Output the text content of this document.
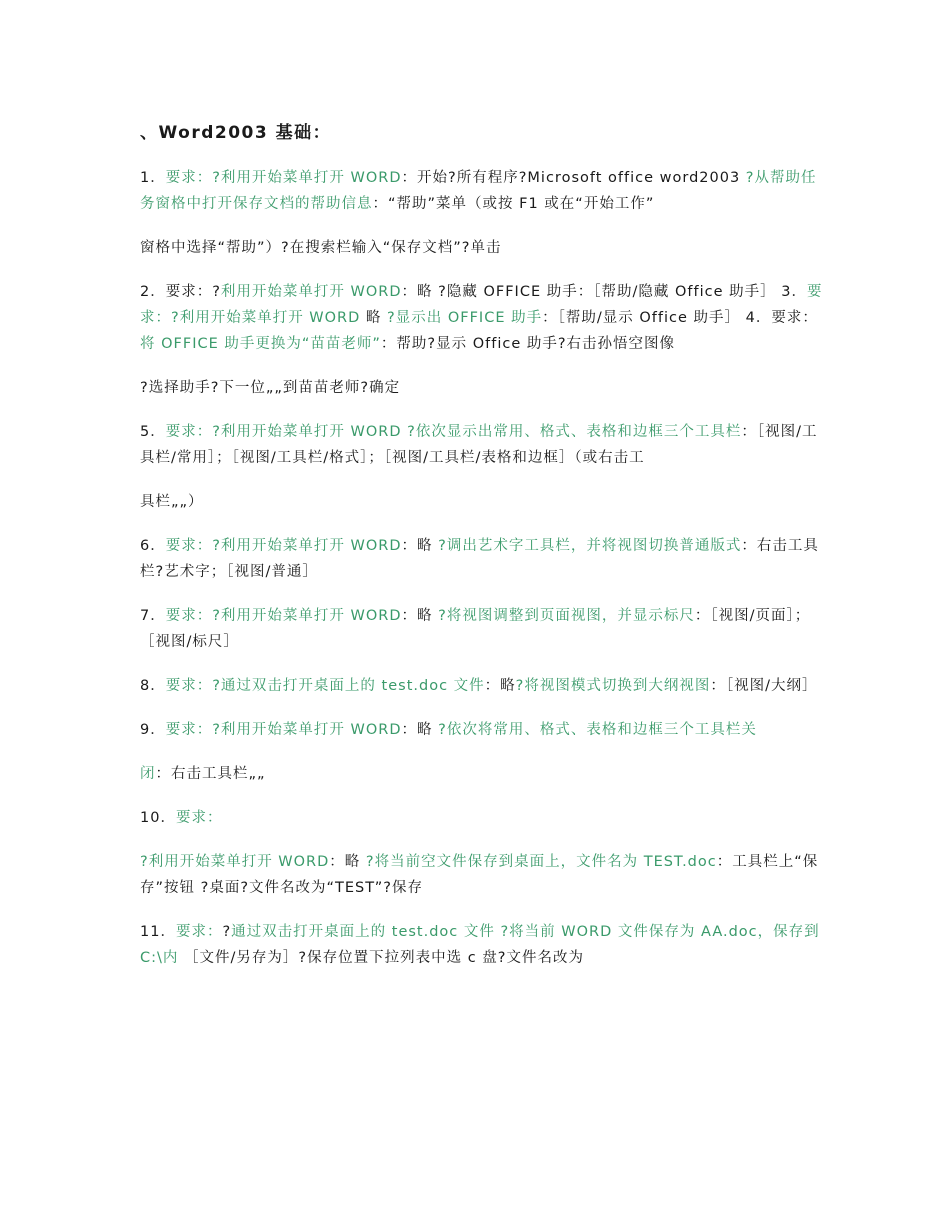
、Word2003 基础：

1．要求：?利用开始菜单打开 WORD：开始?所有程序?Microsoft office word2003 ?从帮助任务窗格中打开保存文档的帮助信息：“帮助”菜单（或按 F1 或在“开始工作”

窗格中选择“帮助”）?在搜索栏输入“保存文档”?单击

2．要求：?利用开始菜单打开 WORD：略 ?隐藏 OFFICE 助手：［帮助/隐藏 Office 助手］ 3．要求：?利用开始菜单打开 WORD 略 ?显示出 OFFICE 助手：［帮助/显示 Office 助手］ 4．要求：将 OFFICE 助手更换为“苗苗老师”：帮助?显示 Office 助手?右击孙悟空图像

?选择助手?下一位„„到苗苗老师?确定

5．要求：?利用开始菜单打开 WORD ?依次显示出常用、格式、表格和边框三个工具栏：［视图/工具栏/常用］；［视图/工具栏/格式］；［视图/工具栏/表格和边框］（或右击工

具栏„„）

6．要求：?利用开始菜单打开 WORD：略 ?调出艺术字工具栏，并将视图切换普通版式：右击工具栏?艺术字；［视图/普通］

7．要求：?利用开始菜单打开 WORD：略 ?将视图调整到页面视图，并显示标尺：［视图/页面］；［视图/标尺］

8．要求：?通过双击打开桌面上的 test.doc 文件：略?将视图模式切换到大纲视图：［视图/大纲］

9．要求：?利用开始菜单打开 WORD：略 ?依次将常用、格式、表格和边框三个工具栏关

闭：右击工具栏„„

10．要求：

?利用开始菜单打开 WORD：略 ?将当前空文件保存到桌面上，文件名为 TEST.doc：工具栏上“保存”按钮 ?桌面?文件名改为“TEST”?保存

11．要求：?通过双击打开桌面上的 test.doc 文件 ?将当前 WORD 文件保存为 AA.doc，保存到 C:\内 ［文件/另存为］?保存位置下拉列表中选 c 盘?文件名改为
